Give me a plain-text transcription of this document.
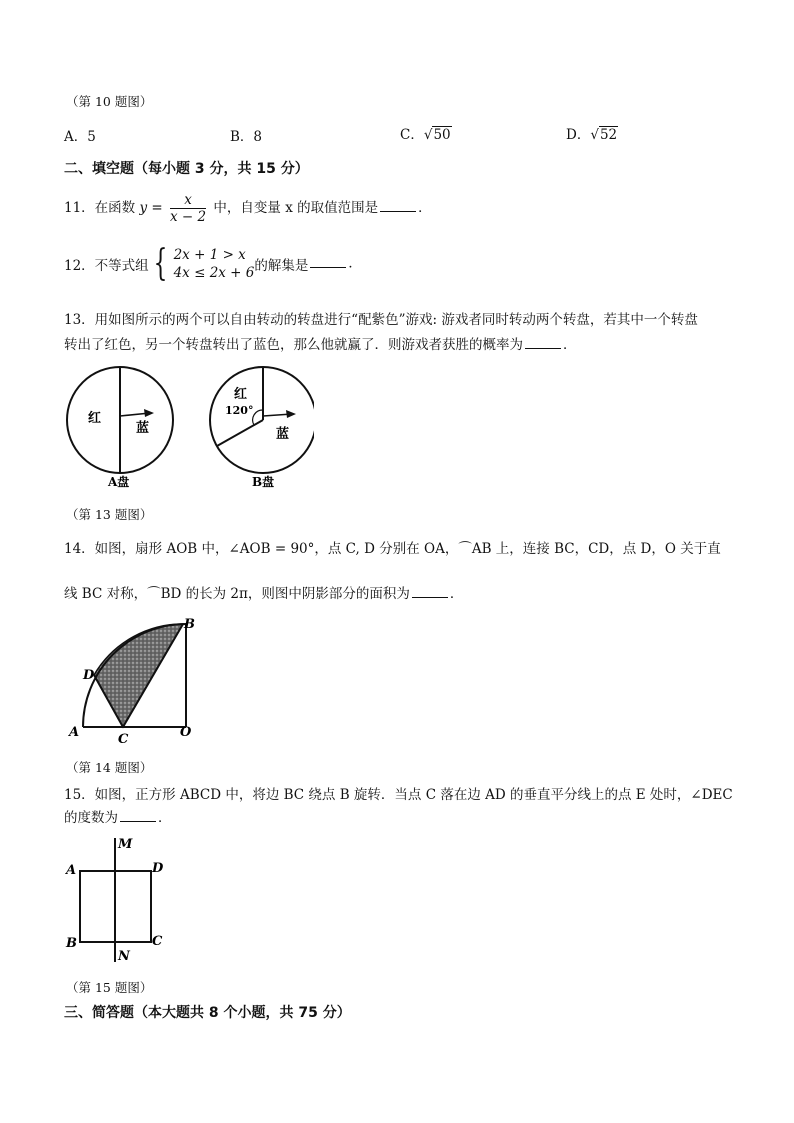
（第 10 题图）
A．5	B．8	C．√50	D．√52
二、填空题（每小题 3 分，共 15 分）
11．在函数 $y = \frac{x}{x - 2}$ 中，自变量 x 的取值范围是	．
12．不等式组 { 2x + 1 > x
4x ≤ 2x + 6 的解集是	．
13．用如图所示的两个可以自由转动的转盘进行“配紫色”游戏: 游戏者同时转动两个转盘，若其中一个转盘
转出了红色，另一个转盘转出了蓝色，那么他就赢了．则游戏者获胜的概率为	．
红
蓝
A盘
红
120°
蓝
B盘
（第 13 题图）
14．如图，扇形 AOB 中，∠AOB = 90°，点 C, D 分别在 OA，⌒AB 上，连接 BC，CD，点 D，O 关于直
线 BC 对称，⌒BD 的长为 2π，则图中阴影部分的面积为	．
A	C	O
D
B
（第 14 题图）
15．如图，正方形 ABCD 中，将边 BC 绕点 B 旋转．当点 C 落在边 AD 的垂直平分线上的点 E 处时，∠DEC
的度数为	．
M
A	D
B	C
N
（第 15 题图）
三、简答题（本大题共 8 个小题，共 75 分）
